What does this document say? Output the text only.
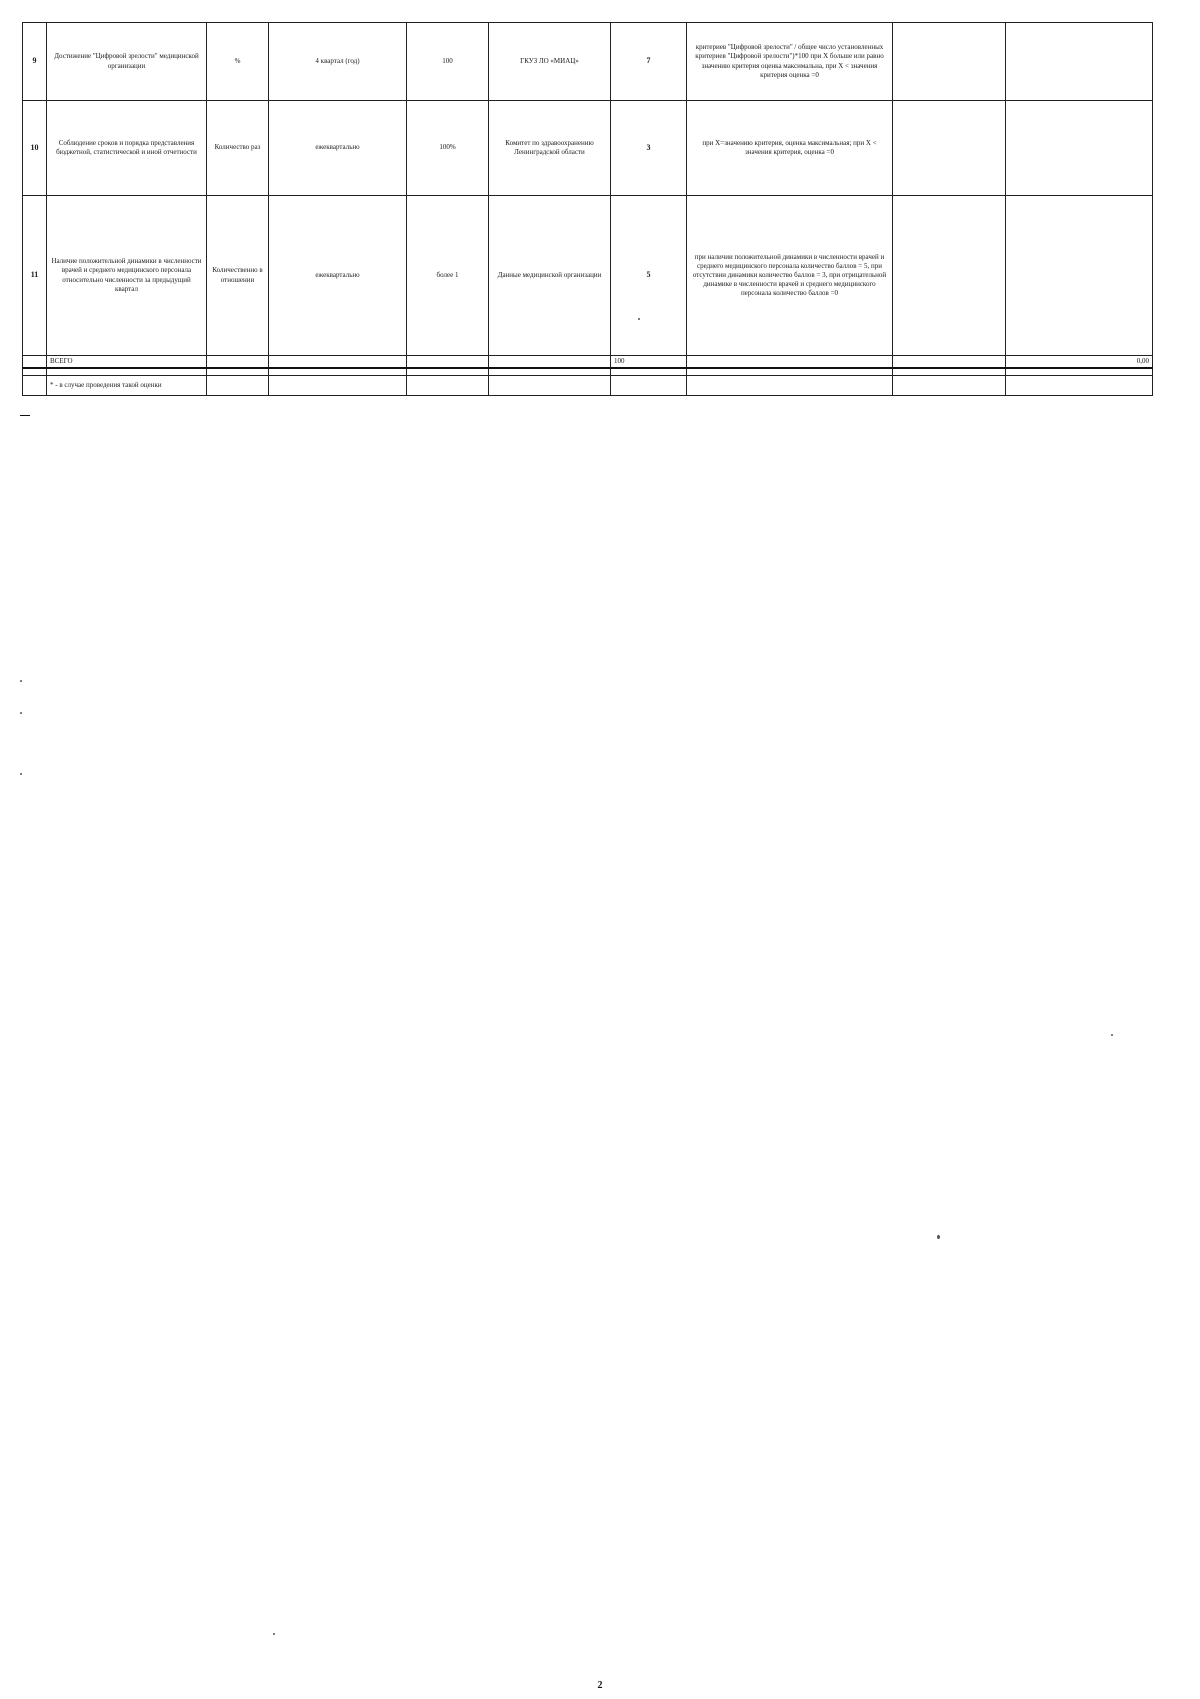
9	Достижение "Цифровой зрелости" медицинской организации	%	4 квартал (год)	100	ГКУЗ ЛО «МИАЦ»	7	критериев "Цифровой зрелости" / общее число установленных критериев "Цифровой зрелости")*100 при Х больше или равно значению критерия оценка максимальна, при Х < значения критерия оценка =0		
10	Соблюдение сроков и порядка представления бюджетной, статистической и иной отчетности	Количество раз	ежеквартально	100%	Комитет по здравоохранению Ленинградской области	3	при Х=значению критерия, оценка максимальная; при Х < значения критерия, оценка =0		
11	Наличие положительной динамики в численности врачей и среднего медицинского персонала относительно численности за предыдущий квартал	Количественно в отношении	ежеквартально	более 1	Данные медицинской организации	5	при наличии положительной динамики в численности врачей и среднего медицинского персонала количество баллов = 5, при отсутствии динамики количество баллов = 3, при отрицательной динамике в численности врачей и среднего медицинского персонала количество баллов =0		
	ВСЕГО					100			0,00

	* - в случае проведения такой оценки								
2
